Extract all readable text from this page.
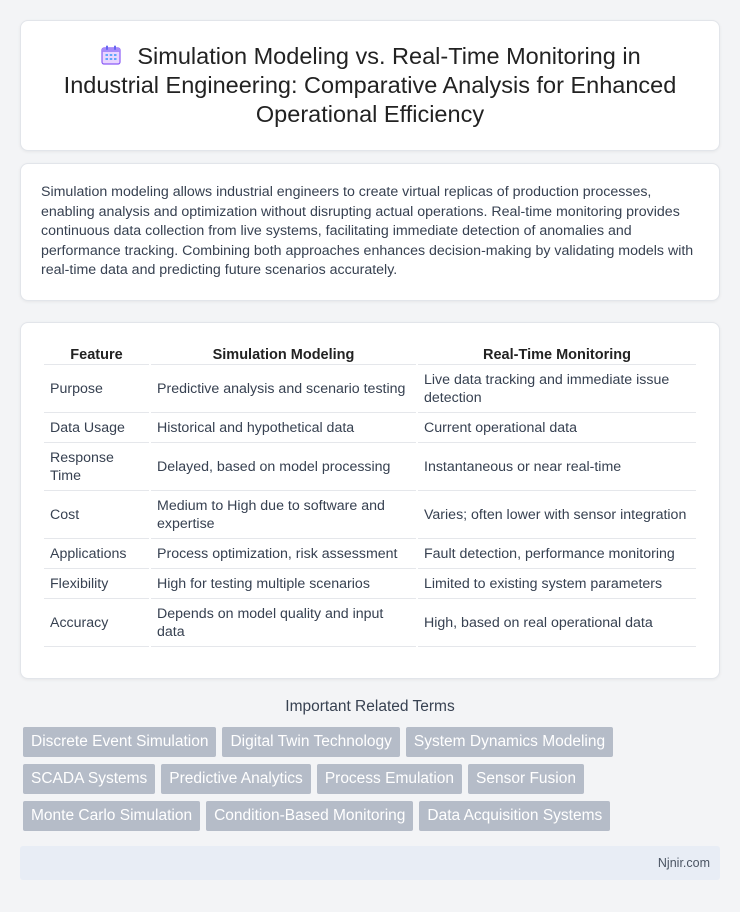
Simulation Modeling vs. Real-Time Monitoring in Industrial Engineering: Comparative Analysis for Enhanced Operational Efficiency

Simulation modeling allows industrial engineers to create virtual replicas of production processes, enabling analysis and optimization without disrupting actual operations. Real-time monitoring provides continuous data collection from live systems, facilitating immediate detection of anomalies and performance tracking. Combining both approaches enhances decision-making by validating models with real-time data and predicting future scenarios accurately.

Feature	Simulation Modeling	Real-Time Monitoring
Purpose	Predictive analysis and scenario testing	Live data tracking and immediate issue detection
Data Usage	Historical and hypothetical data	Current operational data
Response Time	Delayed, based on model processing	Instantaneous or near real-time
Cost	Medium to High due to software and expertise	Varies; often lower with sensor integration
Applications	Process optimization, risk assessment	Fault detection, performance monitoring
Flexibility	High for testing multiple scenarios	Limited to existing system parameters
Accuracy	Depends on model quality and input data	High, based on real operational data
Important Related Terms
Discrete Event Simulation	Digital Twin Technology	System Dynamics Modeling
SCADA Systems	Predictive Analytics	Process Emulation	Sensor Fusion
Monte Carlo Simulation	Condition-Based Monitoring	Data Acquisition Systems
Njnir.com
